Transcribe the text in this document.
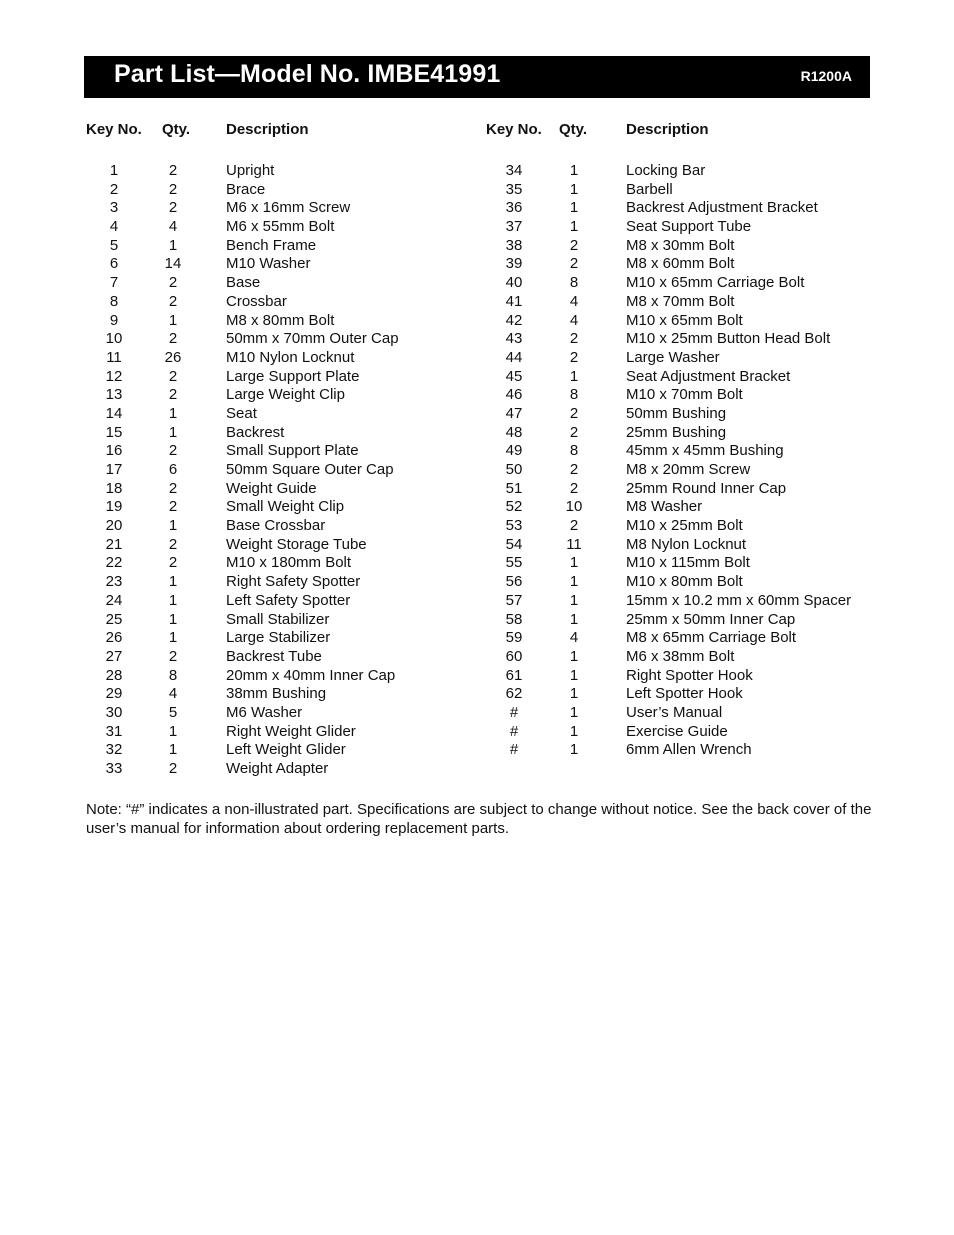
Part List—Model No. IMBE41991	R1200A
Key No. Qty. Description	Key No. Qty.	Description
1	2	Upright
2	2	Brace
3	2	M6 x 16mm Screw
4	4	M6 x 55mm Bolt
5	1	Bench Frame
6	14	M10 Washer
7	2	Base
8	2	Crossbar
9	1	M8 x 80mm Bolt
10	2	50mm x 70mm Outer Cap
11	26	M10 Nylon Locknut
12	2	Large Support Plate
13	2	Large Weight Clip
14	1	Seat
15	1	Backrest
16	2	Small Support Plate
17	6	50mm Square Outer Cap
18	2	Weight Guide
19	2	Small Weight Clip
20	1	Base Crossbar
21	2	Weight Storage Tube
22	2	M10 x 180mm Bolt
23	1	Right Safety Spotter
24	1	Left Safety Spotter
25	1	Small Stabilizer
26	1	Large Stabilizer
27	2	Backrest Tube
28	8	20mm x 40mm Inner Cap
29	4	38mm Bushing
30	5	M6 Washer
31	1	Right Weight Glider
32	1	Left Weight Glider
33	2	Weight Adapter
34	1	Locking Bar
35	1	Barbell
36	1	Backrest Adjustment Bracket
37	1	Seat Support Tube
38	2	M8 x 30mm Bolt
39	2	M8 x 60mm Bolt
40	8	M10 x 65mm Carriage Bolt
41	4	M8 x 70mm Bolt
42	4	M10 x 65mm Bolt
43	2	M10 x 25mm Button Head Bolt
44	2	Large Washer
45	1	Seat Adjustment Bracket
46	8	M10 x 70mm Bolt
47	2	50mm Bushing
48	2	25mm Bushing
49	8	45mm x 45mm Bushing
50	2	M8 x 20mm Screw
51	2	25mm Round Inner Cap
52	10	M8 Washer
53	2	M10 x 25mm Bolt
54	11	M8 Nylon Locknut
55	1	M10 x 115mm Bolt
56	1	M10 x 80mm Bolt
57	1	15mm x 10.2 mm x 60mm Spacer
58	1	25mm x 50mm Inner Cap
59	4	M8 x 65mm Carriage Bolt
60	1	M6 x 38mm Bolt
61	1	Right Spotter Hook
62	1	Left Spotter Hook
#	1	User’s Manual
#	1	Exercise Guide
#	1	6mm Allen Wrench
Note: “#” indicates a non-illustrated part. Specifications are subject to change without notice. See the back cover of the user’s manual for information about ordering replacement parts.
